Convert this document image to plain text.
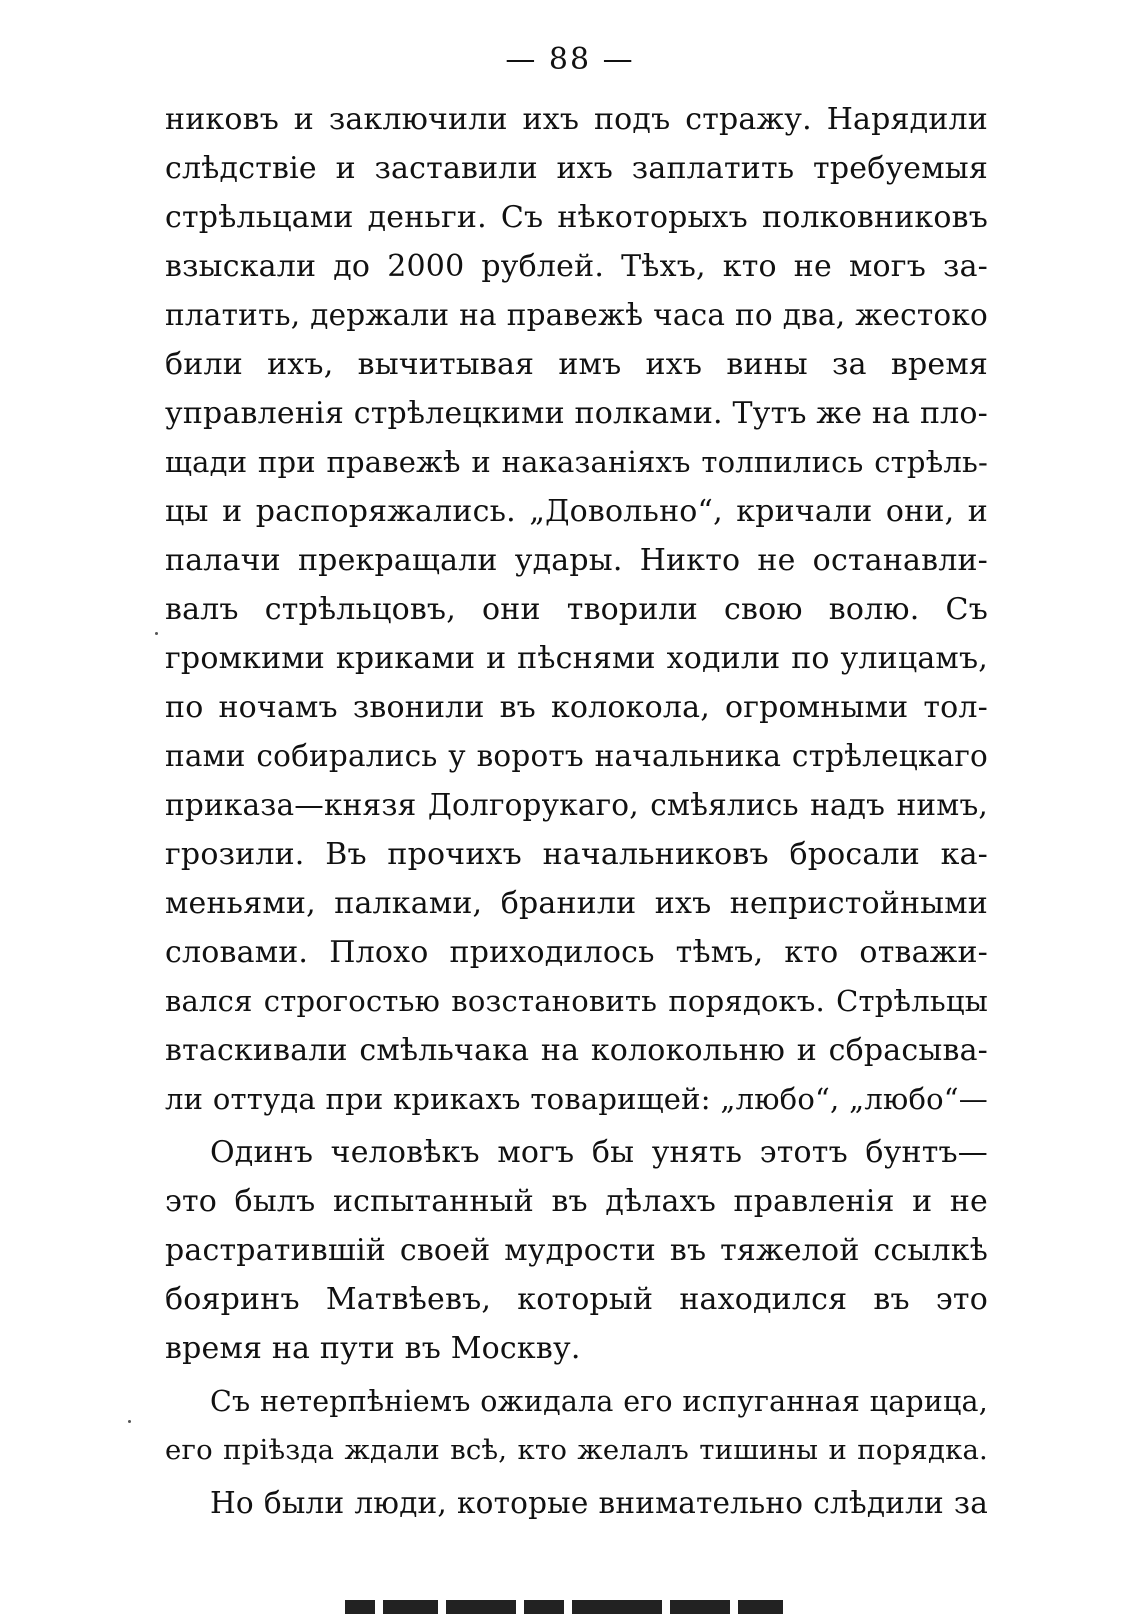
— 88 —
никовъ и заключили ихъ подъ стражу. Нарядили
слѣдствіе и заставили ихъ заплатить требуемыя
стрѣльцами деньги. Съ нѣкоторыхъ полковниковъ
взыскали до 2000 рублей. Тѣхъ, кто не могъ за-
платить, держали на правежѣ часа по два, жестоко
били ихъ, вычитывая имъ ихъ вины за время
управленія стрѣлецкими полками. Тутъ же на пло-
щади при правежѣ и наказаніяхъ толпились стрѣль-
цы и распоряжались. „Довольно“, кричали они, и
палачи прекращали удары. Никто не останавли-
валъ стрѣльцовъ, они творили свою волю. Съ
громкими криками и пѣснями ходили по улицамъ,
по ночамъ звонили въ колокола, огромными тол-
пами собирались у воротъ начальника стрѣлецкаго
приказа—князя Долгорукаго, смѣялись надъ нимъ,
грозили. Въ прочихъ начальниковъ бросали ка-
меньями, палками, бранили ихъ непристойными
словами. Плохо приходилось тѣмъ, кто отважи-
вался строгостью возстановить порядокъ. Стрѣльцы
втаскивали смѣльчака на колокольню и сбрасыва-
ли оттуда при крикахъ товарищей: „любо“, „любо“—
Одинъ человѣкъ могъ бы унять этотъ бунтъ—
это былъ испытанный въ дѣлахъ правленія и не
растратившій своей мудрости въ тяжелой ссылкѣ
бояринъ Матвѣевъ, который находился въ это
время на пути въ Москву.
Съ нетерпѣніемъ ожидала его испуганная царица,
его пріѣзда ждали всѣ, кто желалъ тишины и порядка.
Но были люди, которые внимательно слѣдили за
